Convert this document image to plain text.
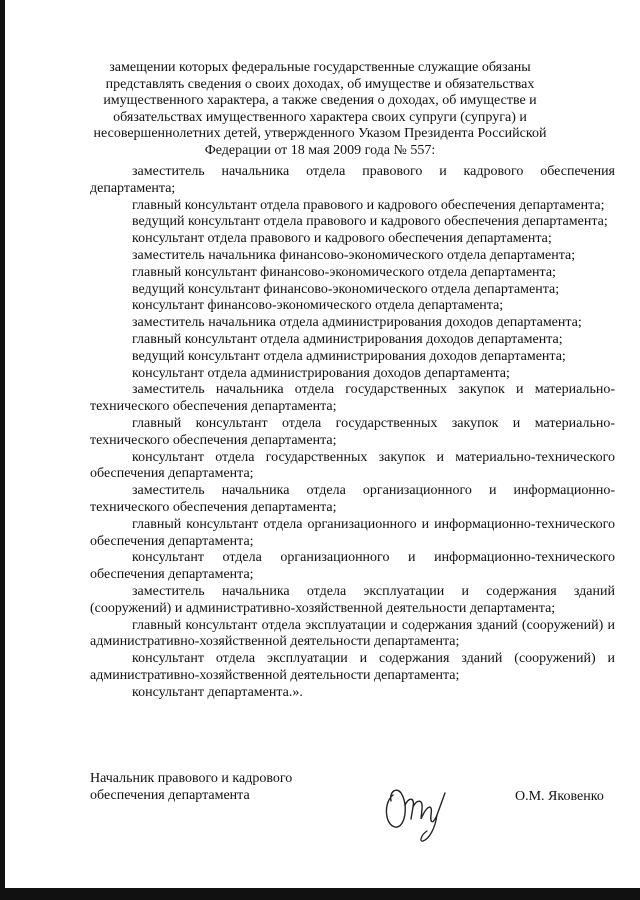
замещении которых федеральные государственные служащие обязаны
представлять сведения о своих доходах, об имуществе и обязательствах
имущественного характера, а также сведения о доходах, об имуществе и
обязательствах имущественного характера своих супруги (супруга) и
несовершеннолетних детей, утвержденного Указом Президента Российской
Федерации от 18 мая 2009 года № 557:

заместитель начальника отдела правового и кадрового обеспечения департамента;

главный консультант отдела правового и кадрового обеспечения департамента;

ведущий консультант отдела правового и кадрового обеспечения департамента;

консультант отдела правового и кадрового обеспечения департамента;

заместитель начальника финансово-экономического отдела департамента;

главный консультант финансово-экономического отдела департамента;

ведущий консультант финансово-экономического отдела департамента;

консультант финансово-экономического отдела департамента;

заместитель начальника отдела администрирования доходов департамента;

главный консультант отдела администрирования доходов департамента;

ведущий консультант отдела администрирования доходов департамента;

консультант отдела администрирования доходов департамента;

заместитель начальника отдела государственных закупок и материально-технического обеспечения департамента;

главный консультант отдела государственных закупок и материально-технического обеспечения департамента;

консультант отдела государственных закупок и материально-технического обеспечения департамента;

заместитель начальника отдела организационного и информационно-технического обеспечения департамента;

главный консультант отдела организационного и информационно-технического обеспечения департамента;

консультант отдела организационного и информационно-технического обеспечения департамента;

заместитель начальника отдела эксплуатации и содержания зданий (сооружений) и административно-хозяйственной деятельности департамента;

главный консультант отдела эксплуатации и содержания зданий (сооружений) и административно-хозяйственной деятельности департамента;

консультант отдела эксплуатации и содержания зданий (сооружений) и административно-хозяйственной деятельности департамента;

консультант департамента.».

Начальник правового и кадрового
обеспечения департамента	О.М. Яковенко
